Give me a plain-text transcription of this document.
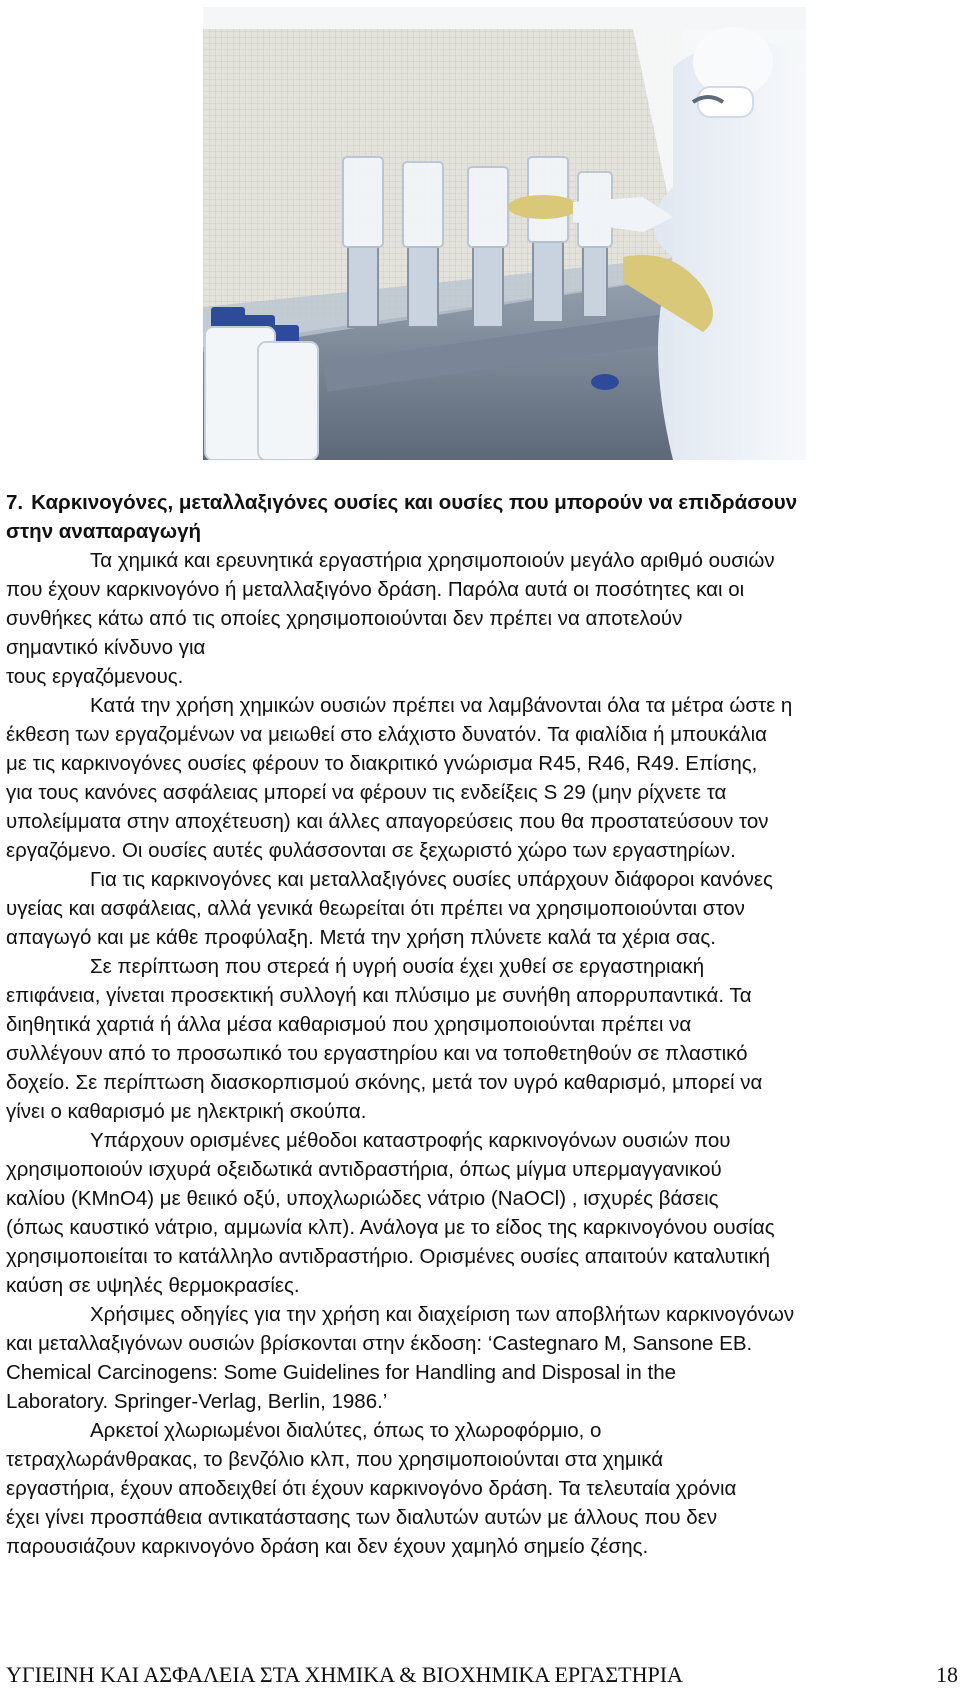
7. Καρκινογόνες, μεταλλαξιγόνες ουσίες και ουσίες που μπορούν να επιδράσουν
στην αναπαραγωγή

Τα χημικά και ερευνητικά εργαστήρια χρησιμοποιούν μεγάλο αριθμό ουσιών
που έχουν καρκινογόνο ή μεταλλαξιγόνο δράση. Παρόλα αυτά οι ποσότητες και οι
συνθήκες κάτω από τις οποίες χρησιμοποιούνται δεν πρέπει να αποτελούν
σημαντικό κίνδυνο για
τους εργαζόμενους.
Κατά την χρήση χημικών ουσιών πρέπει να λαμβάνονται όλα τα μέτρα ώστε η
έκθεση των εργαζομένων να μειωθεί στο ελάχιστο δυνατόν. Τα φιαλίδια ή μπουκάλια
με τις καρκινογόνες ουσίες φέρουν το διακριτικό γνώρισμα R45, R46, R49. Επίσης,
για τους κανόνες ασφάλειας μπορεί να φέρουν τις ενδείξεις S 29 (μην ρίχνετε τα
υπολείμματα στην αποχέτευση) και άλλες απαγορεύσεις που θα προστατεύσουν τον
εργαζόμενο. Οι ουσίες αυτές φυλάσσονται σε ξεχωριστό χώρο των εργαστηρίων.
Για τις καρκινογόνες και μεταλλαξιγόνες ουσίες υπάρχουν διάφοροι κανόνες
υγείας και ασφάλειας, αλλά γενικά θεωρείται ότι πρέπει να χρησιμοποιούνται στον
απαγωγό και με κάθε προφύλαξη. Μετά την χρήση πλύνετε καλά τα χέρια σας.
Σε περίπτωση που στερεά ή υγρή ουσία έχει χυθεί σε εργαστηριακή
επιφάνεια, γίνεται προσεκτική συλλογή και πλύσιμο με συνήθη απορρυπαντικά. Τα
διηθητικά χαρτιά ή άλλα μέσα καθαρισμού που χρησιμοποιούνται πρέπει να
συλλέγουν από το προσωπικό του εργαστηρίου και να τοποθετηθούν σε πλαστικό
δοχείο. Σε περίπτωση διασκορπισμού σκόνης, μετά τον υγρό καθαρισμό, μπορεί να
γίνει ο καθαρισμό με ηλεκτρική σκούπα.
Υπάρχουν ορισμένες μέθοδοι καταστροφής καρκινογόνων ουσιών που
χρησιμοποιούν ισχυρά οξειδωτικά αντιδραστήρια, όπως μίγμα υπερμαγγανικού
καλίου (KMnO4) με θειικό οξύ, υποχλωριώδες νάτριο (NaOCl) , ισχυρές βάσεις
(όπως καυστικό νάτριο, αμμωνία κλπ). Ανάλογα με το είδος της καρκινογόνου ουσίας
χρησιμοποιείται το κατάλληλο αντιδραστήριο. Ορισμένες ουσίες απαιτούν καταλυτική
καύση σε υψηλές θερμοκρασίες.
Χρήσιμες οδηγίες για την χρήση και διαχείριση των αποβλήτων καρκινογόνων
και μεταλλαξιγόνων ουσιών βρίσκονται στην έκδοση: ‘Castegnaro M, Sansone EB.
Chemical Carcinogens: Some Guidelines for Handling and Disposal in the
Laboratory. Springer-Verlag, Berlin, 1986.’
Αρκετοί χλωριωμένοι διαλύτες, όπως το χλωροφόρμιο, ο
τετραχλωράνθρακας, το βενζόλιο κλπ, που χρησιμοποιούνται στα χημικά
εργαστήρια, έχουν αποδειχθεί ότι έχουν καρκινογόνο δράση. Τα τελευταία χρόνια
έχει γίνει προσπάθεια αντικατάστασης των διαλυτών αυτών με άλλους που δεν
παρουσιάζουν καρκινογόνο δράση και δεν έχουν χαμηλό σημείο ζέσης.
ΥΓΙΕΙΝΗ ΚΑΙ ΑΣΦΑΛΕΙΑ ΣΤΑ ΧΗΜΙΚΑ & ΒΙΟΧΗΜΙΚΑ ΕΡΓΑΣΤΗΡΙΑ	18
